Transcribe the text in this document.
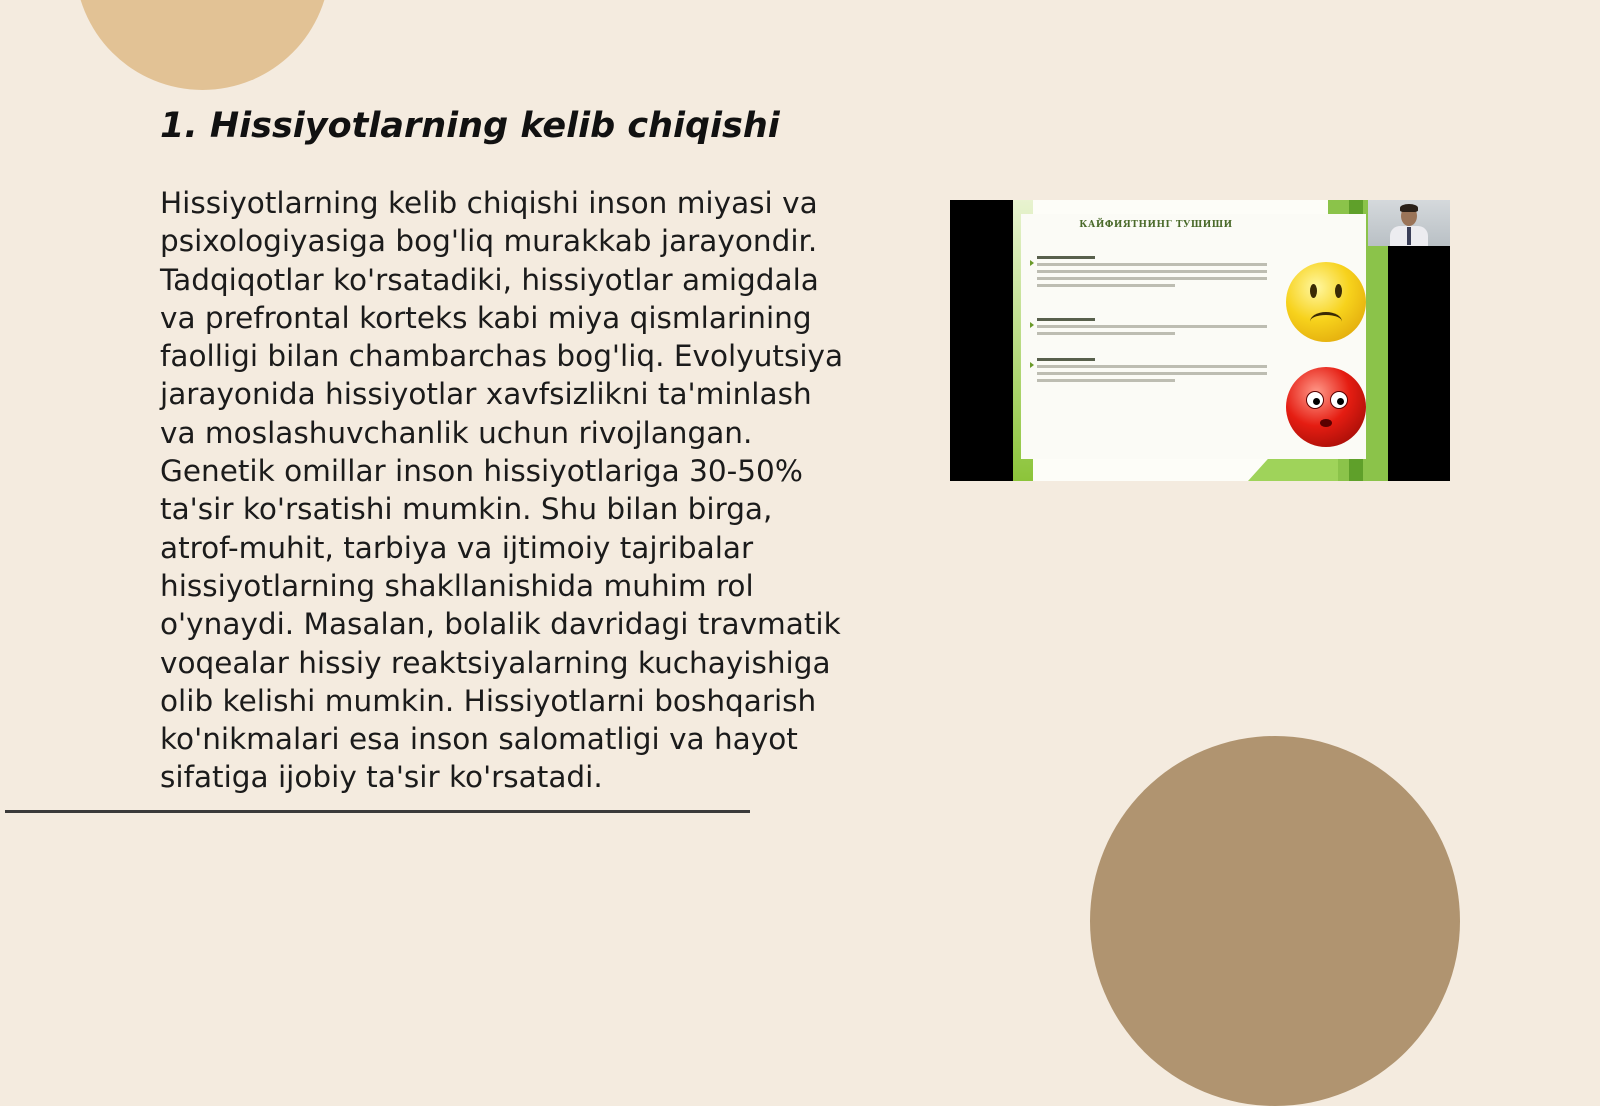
1. Hissiyotlarning kelib chiqishi

Hissiyotlarning kelib chiqishi inson miyasi va psixologiyasiga bog'liq murakkab jarayondir. Tadqiqotlar ko'rsatadiki, hissiyotlar amigdala va prefrontal korteks kabi miya qismlarining faolligi bilan chambarchas bog'liq. Evolyutsiya jarayonida hissiyotlar xavfsizlikni ta'minlash va moslashuvchanlik uchun rivojlangan. Genetik omillar inson hissiyotlariga 30-50% ta'sir ko'rsatishi mumkin. Shu bilan birga, atrof-muhit, tarbiya va ijtimoiy tajribalar hissiyotlarning shakllanishida muhim rol o'ynaydi. Masalan, bolalik davridagi travmatik voqealar hissiy reaktsiyalarning kuchayishiga olib kelishi mumkin. Hissiyotlarni boshqarish ko'nikmalari esa inson salomatligi va hayot sifatiga ijobiy ta'sir ko'rsatadi.

КАЙФИЯТНИНГ ТУШИШИ
